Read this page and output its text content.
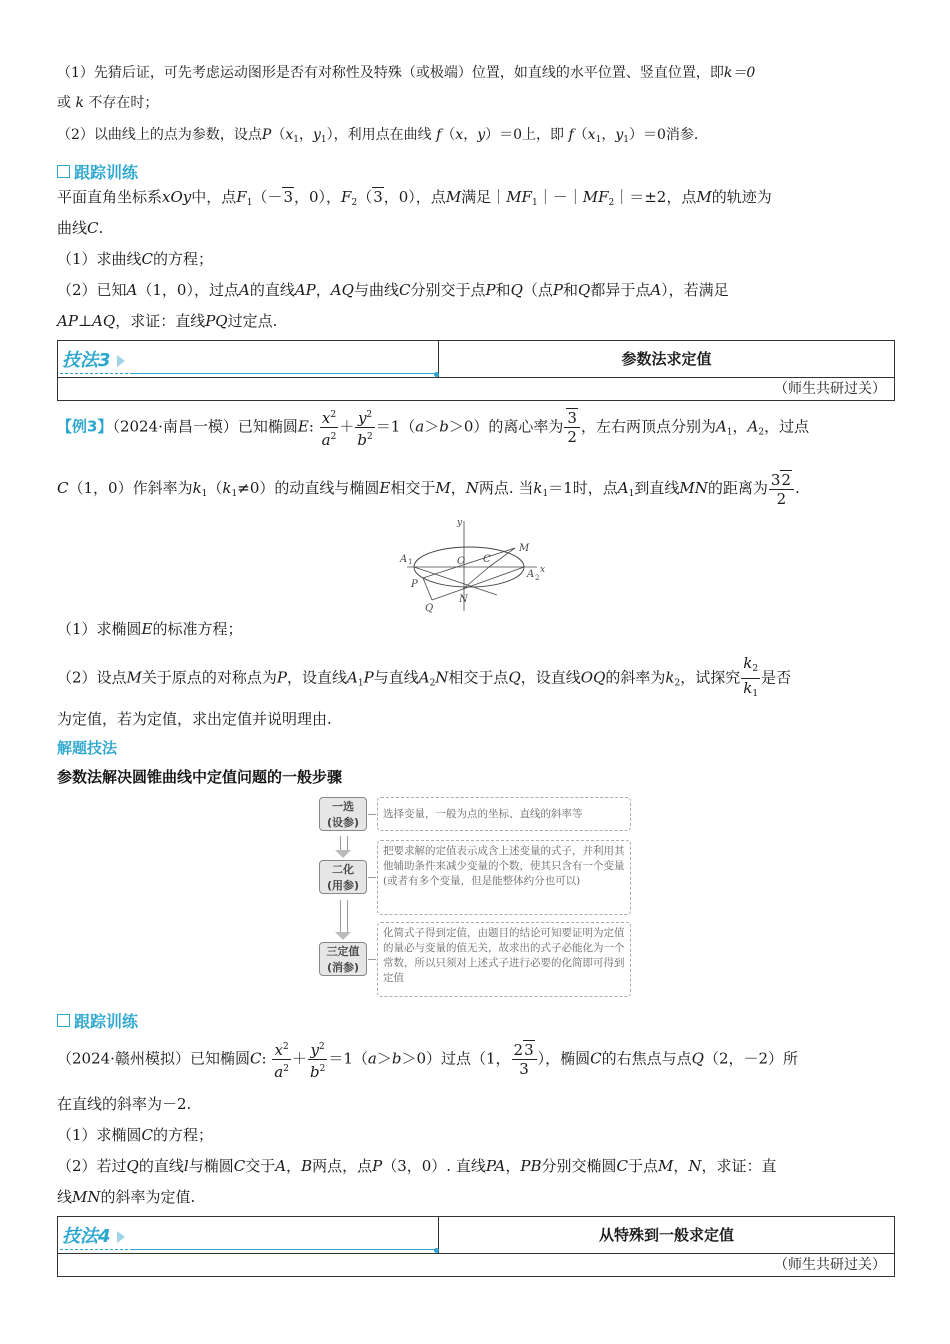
（1）先猜后证，可先考虑运动图形是否有对称性及特殊（或极端）位置，如直线的水平位置、竖直位置，即k＝0
或 k 不存在时；
（2）以曲线上的点为参数，设点$P(x_1$，$y_1$），利用点在曲线 f（x，y）＝0上，即 $f(x_1$，$y_1)=0$消参.
跟踪训练
平面直角坐标系xOy中，点$F_1(-3$，0），$F_2(3$，0），点M满足$|MF_1|-|MF_2|=\pm 2$，点M的轨迹为
曲线C.
（1）求曲线C的方程；
（2）已知A（1，0），过点A的直线AP，AQ与曲线C分别交于点P和Q（点P和Q都异于点A），若满足
AP⊥AQ，求证：直线PQ过定点.
技法3	参数法求定值
（师生共研过关）
【例3】（2024·南昌一模）已知椭圆E: $\frac{x^2}{a^2} + \frac{y^2}{b^2} =1(a>b>0)$的离心率为 $\frac{3}{2}$ ，左右两顶点分别为$A_1$，$A_2$，过点
C（1，0）作斜率为$k_1(k_1\ne 0)$的动直线与椭圆E相交于M，N两点. 当$k_1=1$时，点$A_1$到直线MN的距离为 $\frac{32}{2}$ .
y
x
A 1	O C
M
A 2
P
N
Q
（1）求椭圆E的标准方程；
（2）设点M关于原点的对称点为P，设直线$A_1P$与直线$A_2N$相交于点Q，设直线OQ的斜率为$k_2$，试探究 $\frac{k_2}{k_1}$ 是否
为定值，若为定值，求出定值并说明理由.
解题技法
参数法解决圆锥曲线中定值问题的一般步骤
一选
(设参)
选择变量，一般为点的坐标、直线的斜率等
二化
(用参)
把要求解的定值表示成含上述变量的式子，并利用其他辅助条件来减少变量的个数，使其只含有一个变量(或者有多个变量，但是能整体约分也可以)
三定值
(消参)
化简式子得到定值，由题目的结论可知要证明为定值的量必与变量的值无关，故求出的式子必能化为一个常数，所以只须对上述式子进行必要的化简即可得到定值
跟踪训练
（2024·赣州模拟）已知椭圆C: $\frac{x^2}{a^2} + \frac{y^2}{b^2} =1(a>b>0)$过点（1， $\frac{23}{3}$ ），椭圆C的右焦点与点Q（2，－2）所
在直线的斜率为－2.
（1）求椭圆C的方程；
（2）若过Q的直线l与椭圆C交于A，B两点，点P（3，0）. 直线PA，PB分别交椭圆C于点M，N，求证：直
线MN的斜率为定值.
技法4	从特殊到一般求定值
（师生共研过关）
